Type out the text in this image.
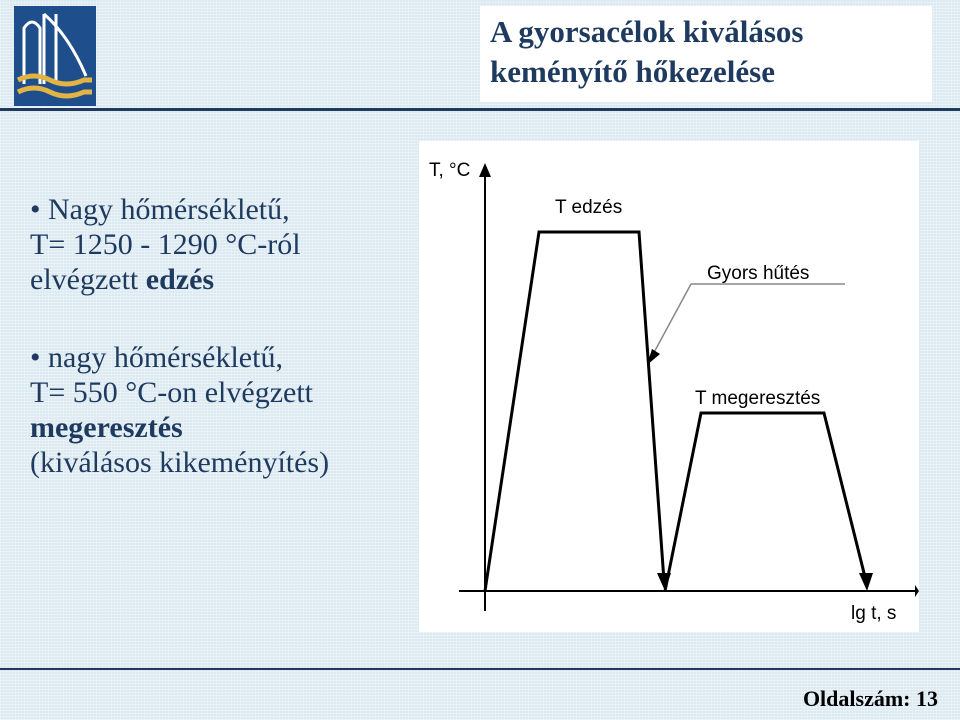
A gyorsacélok kiválásos
keményítő hőkezelése
• Nagy hőmérsékletű,
T= 1250 - 1290 °C-ról
elvégzett edzés
• nagy hőmérsékletű,
T= 550 °C-on elvégzett
megeresztés
(kiválásos kikeményítés)
T, °C
lg t, s
T edzés
Gyors hűtés
T megeresztés
Oldalszám: 13
